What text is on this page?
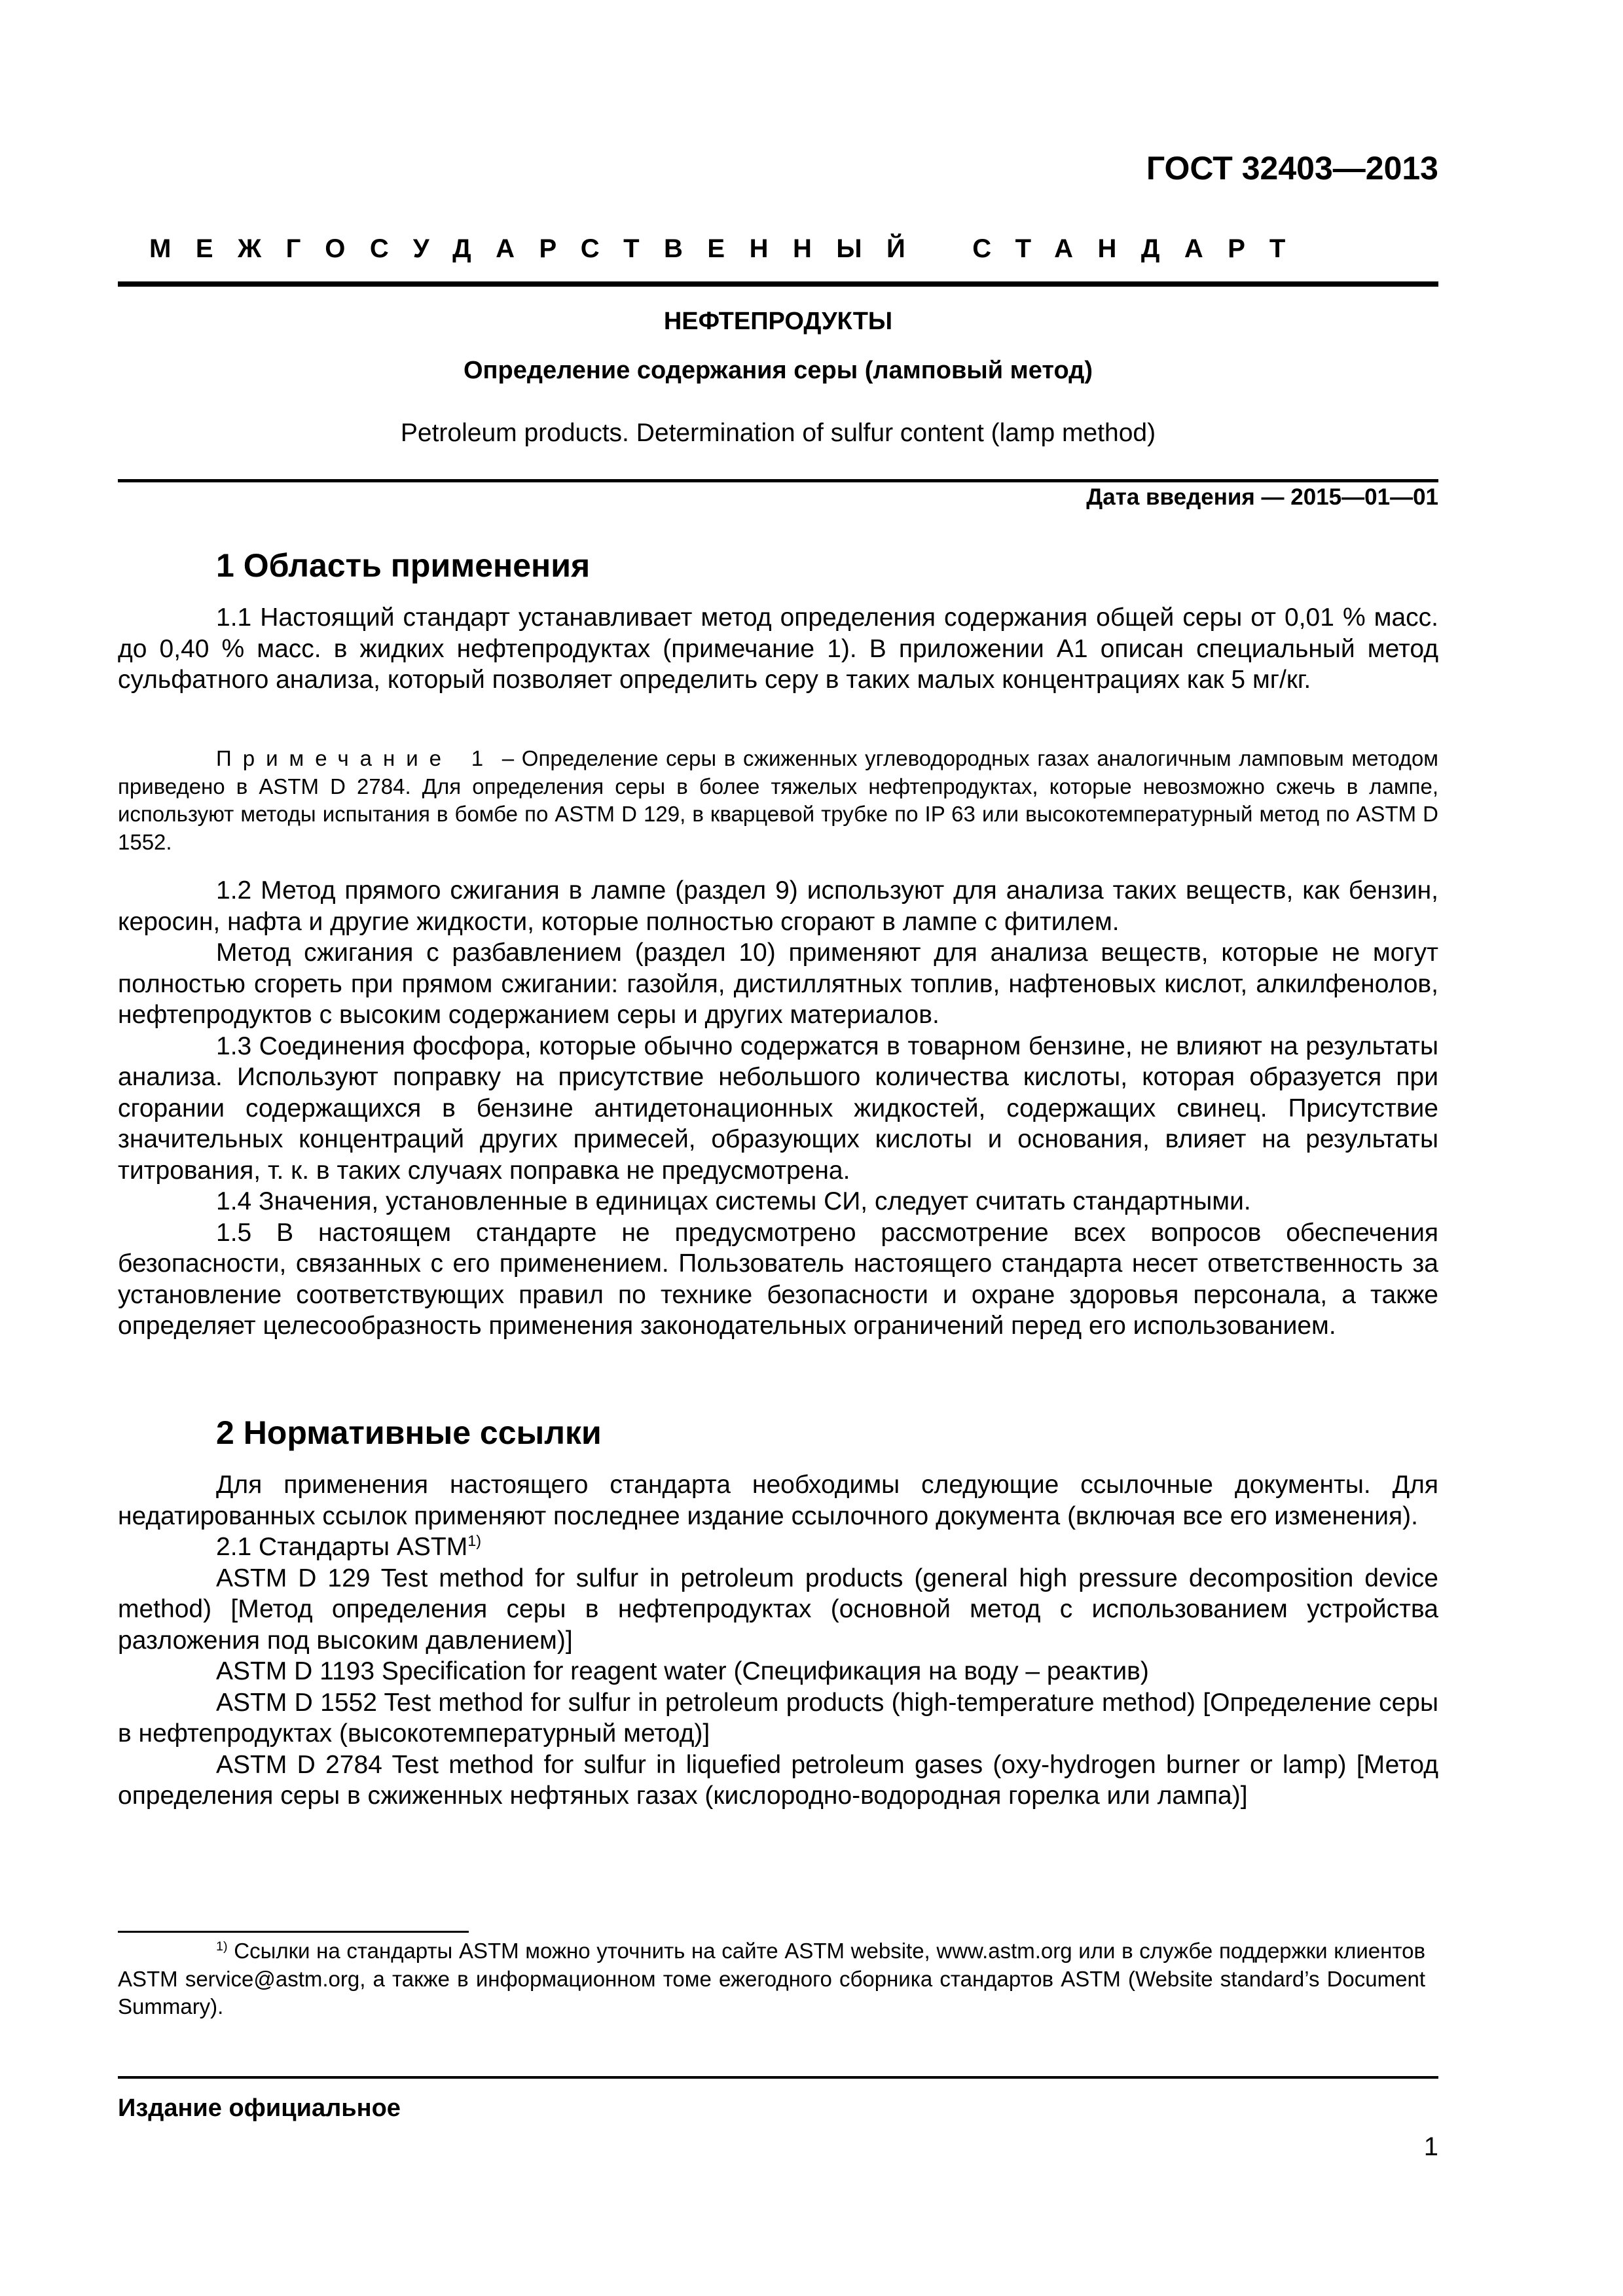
ГОСТ 32403—2013
МЕЖГОСУДАРСТВЕННЫЙ СТАНДАРТ
НЕФТЕПРОДУКТЫ
Определение содержания серы (ламповый метод)
Petroleum products. Determination of sulfur content (lamp method)
Дата введения — 2015—01—01
1 Область применения

1.1 Настоящий стандарт устанавливает метод определения содержания общей серы от 0,01 % масс. до 0,40 % масс. в жидких нефтепродуктах (примечание 1). В приложении А1 описан специальный метод сульфатного анализа, который позволяет определить серу в таких малых концентрациях как 5 мг/кг.

Примечание 1 – Определение серы в сжиженных углеводородных газах аналогичным ламповым методом приведено в ASTM D 2784. Для определения серы в более тяжелых нефтепродуктах, которые невозможно сжечь в лампе, используют методы испытания в бомбе по ASTM D 129, в кварцевой трубке по IP 63 или высокотемпературный метод по ASTM D 1552.

1.2 Метод прямого сжигания в лампе (раздел 9) используют для анализа таких веществ, как бензин, керосин, нафта и другие жидкости, которые полностью сгорают в лампе с фитилем.

Метод сжигания с разбавлением (раздел 10) применяют для анализа веществ, которые не могут полностью сгореть при прямом сжигании: газойля, дистиллятных топлив, нафтеновых кислот, алкилфенолов, нефтепродуктов с высоким содержанием серы и других материалов.

1.3 Соединения фосфора, которые обычно содержатся в товарном бензине, не влияют на результаты анализа. Используют поправку на присутствие небольшого количества кислоты, которая образуется при сгорании содержащихся в бензине антидетонационных жидкостей, содержащих свинец. Присутствие значительных концентраций других примесей, образующих кислоты и основания, влияет на результаты титрования, т. к. в таких случаях поправка не предусмотрена.

1.4 Значения, установленные в единицах системы СИ, следует считать стандартными.

1.5 В настоящем стандарте не предусмотрено рассмотрение всех вопросов обеспечения безопасности, связанных с его применением. Пользователь настоящего стандарта несет ответственность за установление соответствующих правил по технике безопасности и охране здоровья персонала, а также определяет целесообразность применения законодательных ограничений перед его использованием.

2 Нормативные ссылки

Для применения настоящего стандарта необходимы следующие ссылочные документы. Для недатированных ссылок применяют последнее издание ссылочного документа (включая все его изменения).

2.1 Стандарты ASTM$^{1)}$

ASTM D 129 Test method for sulfur in petroleum products (general high pressure decomposition device method) [Метод определения серы в нефтепродуктах (основной метод с использованием устройства разложения под высоким давлением)]

ASTM D 1193 Specification for reagent water (Спецификация на воду – реактив)

ASTM D 1552 Test method for sulfur in petroleum products (high-temperature method) [Определение серы в нефтепродуктах (высокотемпературный метод)]

ASTM D 2784 Test method for sulfur in liquefied petroleum gases (oxy-hydrogen burner or lamp) [Метод определения серы в сжиженных нефтяных газах (кислородно-водородная горелка или лампа)]

$^{1)}$ Ссылки на стандарты ASTM можно уточнить на сайте ASTM website, www.astm.org или в службе поддержки клиентов ASTM service@astm.org, а также в информационном томе ежегодного сборника стандартов ASTM (Website standard’s Document Summary).

Издание официальное
1
